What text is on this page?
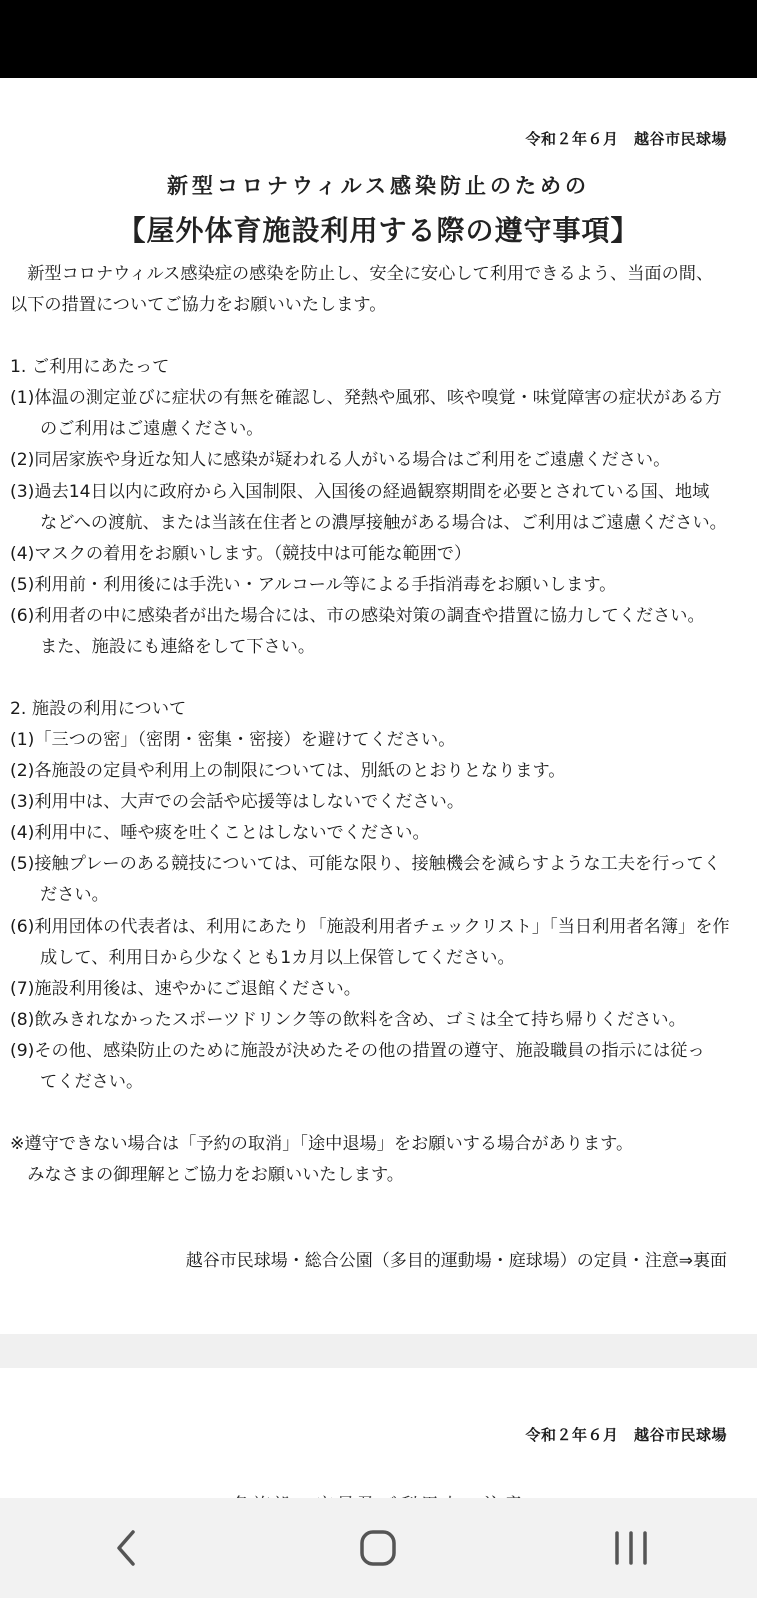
令和２年６月　越谷市民球場
新型コロナウィルス感染防止のための
【屋外体育施設利用する際の遵守事項】
　新型コロナウィルス感染症の感染を防止し、安全に安心して利用できるよう、当面の間、
以下の措置についてご協力をお願いいたします。
1. ご利用にあたって
(1)体温の測定並びに症状の有無を確認し、発熱や風邪、咳や嗅覚・味覚障害の症状がある方
のご利用はご遠慮ください。
(2)同居家族や身近な知人に感染が疑われる人がいる場合はご利用をご遠慮ください。
(3)過去14日以内に政府から入国制限、入国後の経過観察期間を必要とされている国、地域
などへの渡航、または当該在住者との濃厚接触がある場合は、ご利用はご遠慮ください。
(4)マスクの着用をお願いします。（競技中は可能な範囲で）
(5)利用前・利用後には手洗い・アルコール等による手指消毒をお願いします。
(6)利用者の中に感染者が出た場合には、市の感染対策の調査や措置に協力してください。
また、施設にも連絡をして下さい。
2. 施設の利用について
(1)「三つの密」（密閉・密集・密接）を避けてください。
(2)各施設の定員や利用上の制限については、別紙のとおりとなります。
(3)利用中は、大声での会話や応援等はしないでください。
(4)利用中に、唾や痰を吐くことはしないでください。
(5)接触プレーのある競技については、可能な限り、接触機会を減らすような工夫を行ってく
ださい。
(6)利用団体の代表者は、利用にあたり「施設利用者チェックリスト」「当日利用者名簿」を作
成して、利用日から少なくとも1カ月以上保管してください。
(7)施設利用後は、速やかにご退館ください。
(8)飲みきれなかったスポーツドリンク等の飲料を含め、ゴミは全て持ち帰りください。
(9)その他、感染防止のために施設が決めたその他の措置の遵守、施設職員の指示には従っ
てください。
※遵守できない場合は「予約の取消」「途中退場」をお願いする場合があります。
　みなさまの御理解とご協力をお願いいたします。
越谷市民球場・総合公園（多目的運動場・庭球場）の定員・注意⇒裏面
令和２年６月　越谷市民球場
